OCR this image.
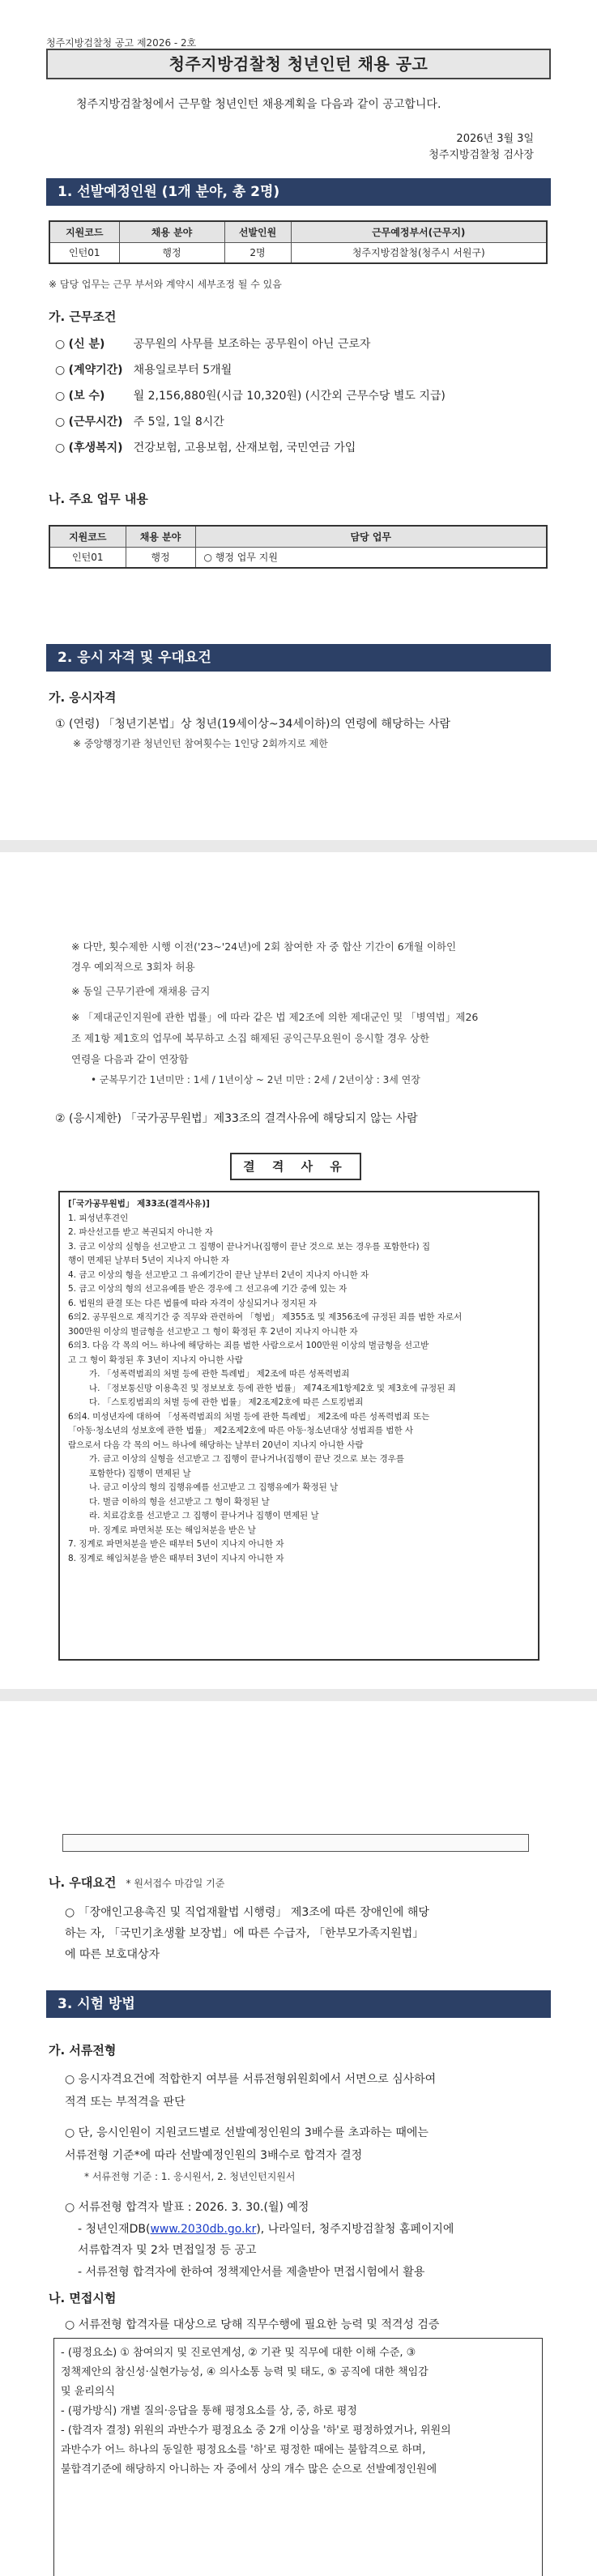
청주지방검찰청 공고 제2026 - 2호
청주지방검찰청 청년인턴 채용 공고
청주지방검찰청에서 근무할 청년인턴 채용계획을 다음과 같이 공고합니다.
2026년 3월 3일
청주지방검찰청 검사장
1. 선발예정인원 (1개 분야, 총 2명)
지원코드	채용 분야	선발인원	근무예정부서(근무지)
인턴01	행정	2명	청주지방검찰청(청주시 서원구)
※ 담당 업무는 근무 부서와 계약시 세부조정 될 수 있음
가. 근무조건
○ (신 분)	공무원의 사무를 보조하는 공무원이 아닌 근로자
○ (계약기간) 채용일로부터 5개월
○ (보 수)	월 2,156,880원(시급 10,320원) (시간외 근무수당 별도 지급)
○ (근무시간) 주 5일, 1일 8시간
○ (후생복지) 건강보험, 고용보험, 산재보험, 국민연금 가입
나. 주요 업무 내용
지원코드	채용 분야	담당 업무
인턴01	행정	○ 행정 업무 지원
2. 응시 자격 및 우대요건
가. 응시자격
① (연령) 「청년기본법」상 청년(19세이상~34세이하)의 연령에 해당하는 사람
※ 중앙행정기관 청년인턴 참여횟수는 1인당 2회까지로 제한
※ 다만, 횟수제한 시행 이전('23~'24년)에 2회 참여한 자 중 합산 기간이 6개월 이하인
경우 예외적으로 3회차 허용
※ 동일 근무기관에 재채용 금지
※ 「제대군인지원에 관한 법률」에 따라 같은 법 제2조에 의한 제대군인 및 「병역법」제26
조 제1항 제1호의 업무에 복무하고 소집 해제된 공익근무요원이 응시할 경우 상한
연령을 다음과 같이 연장함
• 군복무기간 1년미만 : 1세 / 1년이상 ~ 2년 미만 : 2세 / 2년이상 : 3세 연장
② (응시제한) 「국가공무원법」제33조의 결격사유에 해당되지 않는 사람
결 격 사 유
[「국가공무원법」 제33조(결격사유)]
1. 피성년후견인
2. 파산선고를 받고 복권되지 아니한 자
3. 금고 이상의 실형을 선고받고 그 집행이 끝나거나(집행이 끝난 것으로 보는 경우를 포함한다) 집
행이 면제된 날부터 5년이 지나지 아니한 자
4. 금고 이상의 형을 선고받고 그 유예기간이 끝난 날부터 2년이 지나지 아니한 자
5. 금고 이상의 형의 선고유예를 받은 경우에 그 선고유예 기간 중에 있는 자
6. 법원의 판결 또는 다른 법률에 따라 자격이 상실되거나 정지된 자
6의2. 공무원으로 재직기간 중 직무와 관련하여 「형법」 제355조 및 제356조에 규정된 죄를 범한 자로서
300만원 이상의 벌금형을 선고받고 그 형이 확정된 후 2년이 지나지 아니한 자
6의3. 다음 각 목의 어느 하나에 해당하는 죄를 범한 사람으로서 100만원 이상의 벌금형을 선고받
고 그 형이 확정된 후 3년이 지나지 아니한 사람
가. 「성폭력범죄의 처벌 등에 관한 특례법」 제2조에 따른 성폭력범죄
나. 「정보통신망 이용촉진 및 정보보호 등에 관한 법률」 제74조제1항제2호 및 제3호에 규정된 죄
다. 「스토킹범죄의 처벌 등에 관한 법률」 제2조제2호에 따른 스토킹범죄
6의4. 미성년자에 대하여 「성폭력범죄의 처벌 등에 관한 특례법」 제2조에 따른 성폭력범죄 또는
「아동·청소년의 성보호에 관한 법률」 제2조제2호에 따른 아동·청소년대상 성범죄를 범한 사
람으로서 다음 각 목의 어느 하나에 해당하는 날부터 20년이 지나지 아니한 사람
가. 금고 이상의 실형을 선고받고 그 집행이 끝나거나(집행이 끝난 것으로 보는 경우를
포함한다) 집행이 면제된 날
나. 금고 이상의 형의 집행유예를 선고받고 그 집행유예가 확정된 날
다. 벌금 이하의 형을 선고받고 그 형이 확정된 날
라. 치료감호를 선고받고 그 집행이 끝나거나 집행이 면제된 날
마. 징계로 파면처분 또는 해임처분을 받은 날
7. 징계로 파면처분을 받은 때부터 5년이 지나지 아니한 자
8. 징계로 해임처분을 받은 때부터 3년이 지나지 아니한 자
나. 우대요건 * 원서접수 마감일 기준
○ 「장애인고용촉진 및 직업재활법 시행령」 제3조에 따른 장애인에 해당
하는 자, 「국민기초생활 보장법」에 따른 수급자, 「한부모가족지원법」
에 따른 보호대상자
3. 시험 방법
가. 서류전형
○ 응시자격요건에 적합한지 여부를 서류전형위원회에서 서면으로 심사하여
적격 또는 부적격을 판단
○ 단, 응시인원이 지원코드별로 선발예정인원의 3배수를 초과하는 때에는
서류전형 기준*에 따라 선발예정인원의 3배수로 합격자 결정
* 서류전형 기준 : 1. 응시원서, 2. 청년인턴지원서
○ 서류전형 합격자 발표 : 2026. 3. 30.(월) 예정
- 청년인재DB(www.2030db.go.kr), 나라일터, 청주지방검찰청 홈페이지에
서류합격자 및 2차 면접일정 등 공고
- 서류전형 합격자에 한하여 정책제안서를 제출받아 면접시험에서 활용
나. 면접시험
○ 서류전형 합격자를 대상으로 당해 직무수행에 필요한 능력 및 적격성 검증
- (평정요소) ① 참여의지 및 진로연계성, ② 기관 및 직무에 대한 이해 수준, ③
정책제안의 참신성·실현가능성, ④ 의사소통 능력 및 태도, ⑤ 공직에 대한 책임감
및 윤리의식
- (평가방식) 개별 질의·응답을 통해 평정요소를 상, 중, 하로 평정
- (합격자 결정) 위원의 과반수가 평정요소 중 2개 이상을 '하'로 평정하였거나, 위원의
과반수가 어느 하나의 동일한 평정요소를 '하'로 평정한 때에는 불합격으로 하며,
불합격기준에 해당하지 아니하는 자 중에서 상의 개수 많은 순으로 선발예정인원에
